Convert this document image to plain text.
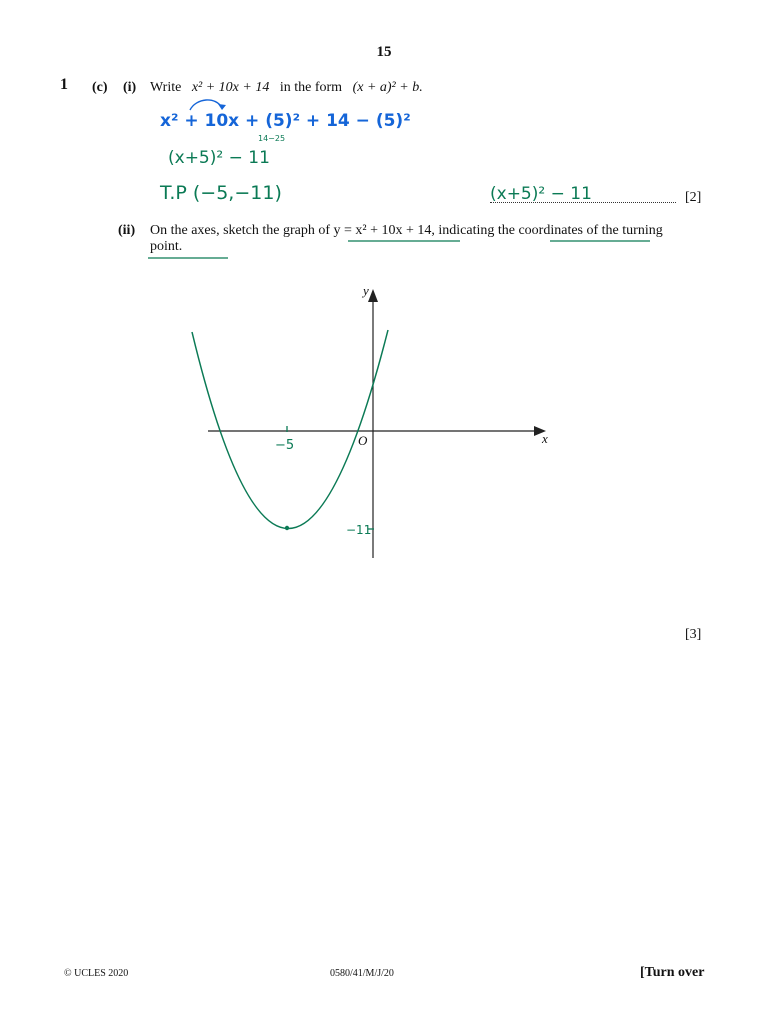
15
1 (c) (i) Write x² + 10x + 14 in the form (x + a)² + b.
[2]
(ii) On the axes, sketch the graph of y = x² + 10x + 14, indicating the coordinates of the turning point.
[3]
© UCLES 2020	0580/41/M/J/20	[Turn over
x² + 10x + (5)² + 14 − (5)²
14−25
(x+5)² − 11
T.P (−5,−11)	(x+5)² − 11
x
y
O
−5
−11
